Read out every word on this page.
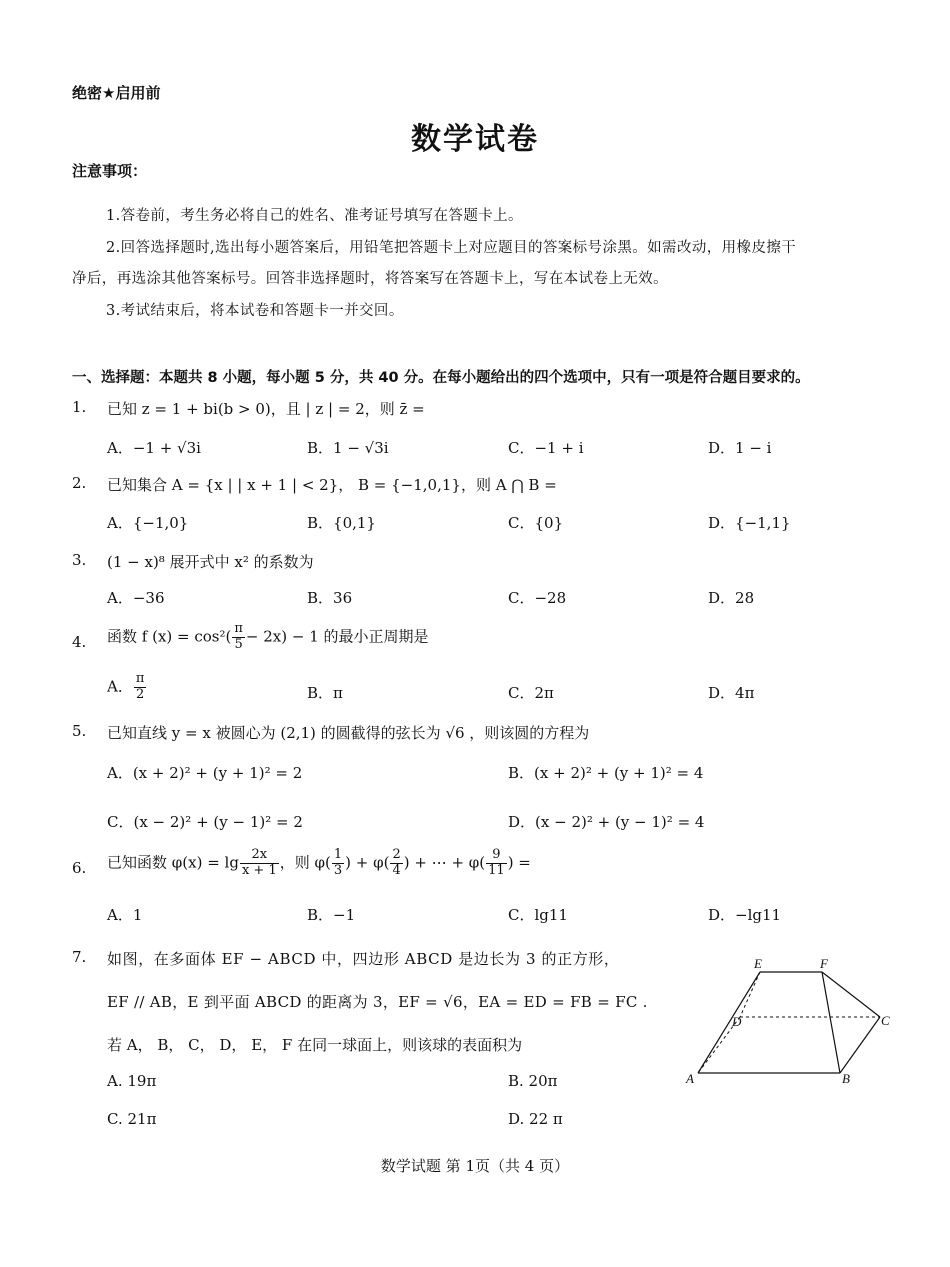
绝密★启用前
数学试卷
注意事项：
1.答卷前，考生务必将自己的姓名、准考证号填写在答题卡上。
2.回答选择题时,选出每小题答案后，用铅笔把答题卡上对应题目的答案标号涂黑。如需改动，用橡皮擦干
净后，再选涂其他答案标号。回答非选择题时，将答案写在答题卡上，写在本试卷上无效。
3.考试结束后，将本试卷和答题卡一并交回。
一、选择题：本题共 8 小题，每小题 5 分，共 40 分。在每小题给出的四个选项中，只有一项是符合题目要求的。
1. 已知 z = 1 + bi(b > 0)，且 | z | = 2，则 z̄ =
A．−1 + √3i	B．1 − √3i	C．−1 + i	D．1 − i
2. 已知集合 A = {x | | x + 1 | < 2}， B = {−1,0,1}，则 A ⋂ B =
A．{−1,0}	B．{0,1}	C．{0}	D．{−1,1}
3. (1 − x)⁸ 展开式中 x² 的系数为
A．−36	B．36	C．−28	D．28
4. 函数 f $(x) = \cos^2( \frac{\pi}{5} - 2x) - 1$ 的最小正周期是
A． $\frac{\pi}{2}$	B．π	C．2π	D．4π
5. 已知直线 y = x 被圆心为 (2,1) 的圆截得的弦长为 √6 ，则该圆的方程为
A．(x + 2)² + (y + 1)² = 2	B．(x + 2)² + (y + 1)² = 4
C．(x − 2)² + (y − 1)² = 2	D．(x − 2)² + (y − 1)² = 4
6. 已知函数 $\varphi(x) = \lg \frac{2x}{x + 1}$ ，则 $\varphi( \frac{1}{3}$ ) + $\varphi( \frac{2}{4}$ ) + ⋯ + $\varphi( \frac{9}{11}$ ) =
A．1	B．−1	C．lg11	D．−lg11
7. 如图，在多面体 EF − ABCD 中，四边形 ABCD 是边长为 3 的正方形，
EF // AB，E 到平面 ABCD 的距离为 3，EF = √6，EA = ED = FB = FC .
若 A， B， C， D， E， F 在同一球面上，则该球的表面积为
A. 19π	B. 20π
C. 21π	D. 22 π
E	F
D	C
A	B
数学试题 第 1页（共 4 页）
